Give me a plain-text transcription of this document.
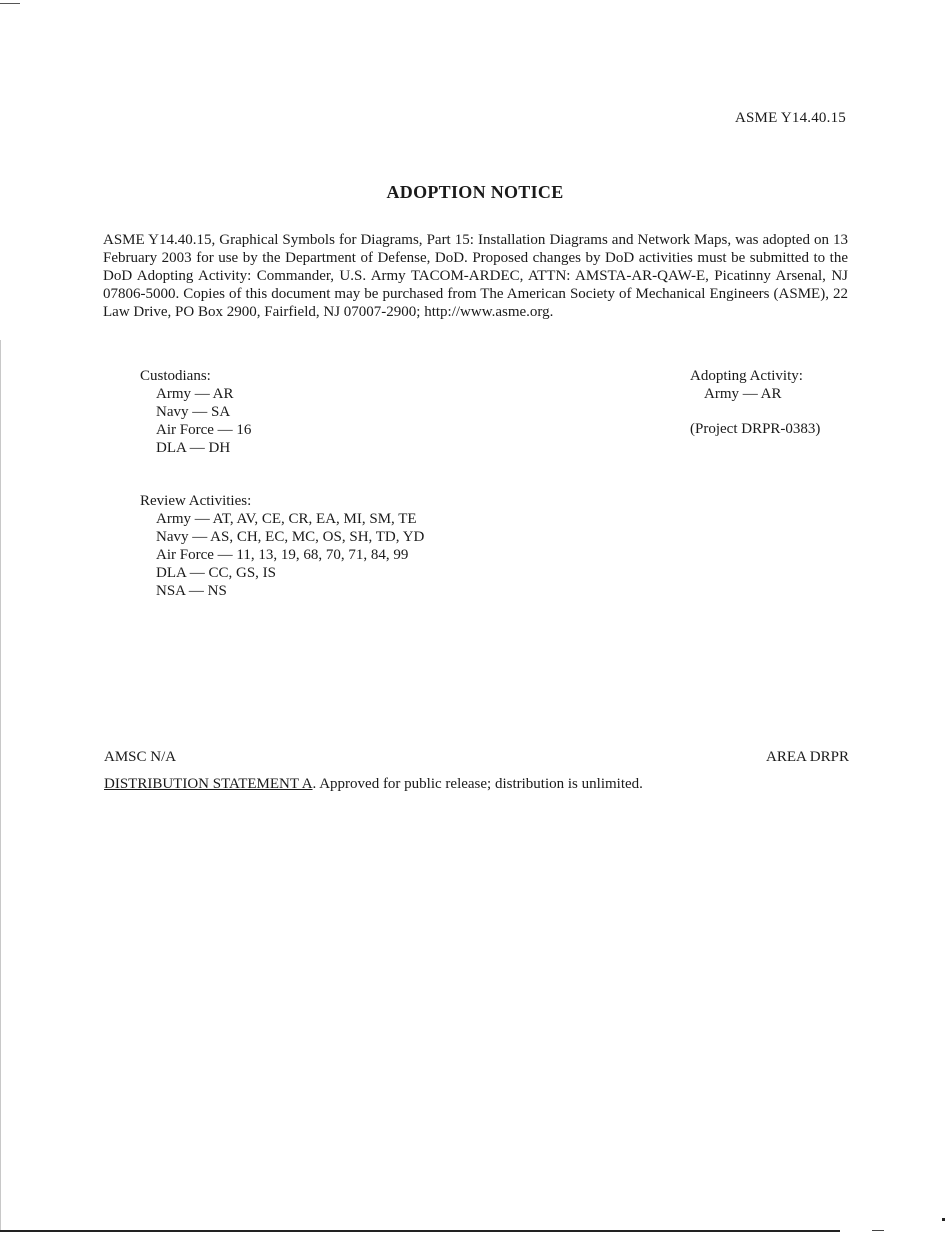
ASME Y14.40.15
ADOPTION NOTICE
ASME Y14.40.15, Graphical Symbols for Diagrams, Part 15: Installation Diagrams and Network Maps, was adopted on 13 February 2003 for use by the Department of Defense, DoD. Proposed changes by DoD activities must be submitted to the DoD Adopting Activity: Commander, U.S. Army TACOM-ARDEC, ATTN: AMSTA-AR-QAW-E, Picatinny Arsenal, NJ 07806-5000. Copies of this document may be purchased from The American Society of Mechanical Engineers (ASME), 22 Law Drive, PO Box 2900, Fairfield, NJ 07007-2900; http://www.asme.org.
Custodians:
Army — AR
Navy — SA
Air Force — 16
DLA — DH
Adopting Activity:
Army — AR
(Project DRPR-0383)
Review Activities:
Army — AT, AV, CE, CR, EA, MI, SM, TE
Navy — AS, CH, EC, MC, OS, SH, TD, YD
Air Force — 11, 13, 19, 68, 70, 71, 84, 99
DLA — CC, GS, IS
NSA — NS
AMSC N/A	AREA DRPR
DISTRIBUTION STATEMENT A. Approved for public release; distribution is unlimited.
